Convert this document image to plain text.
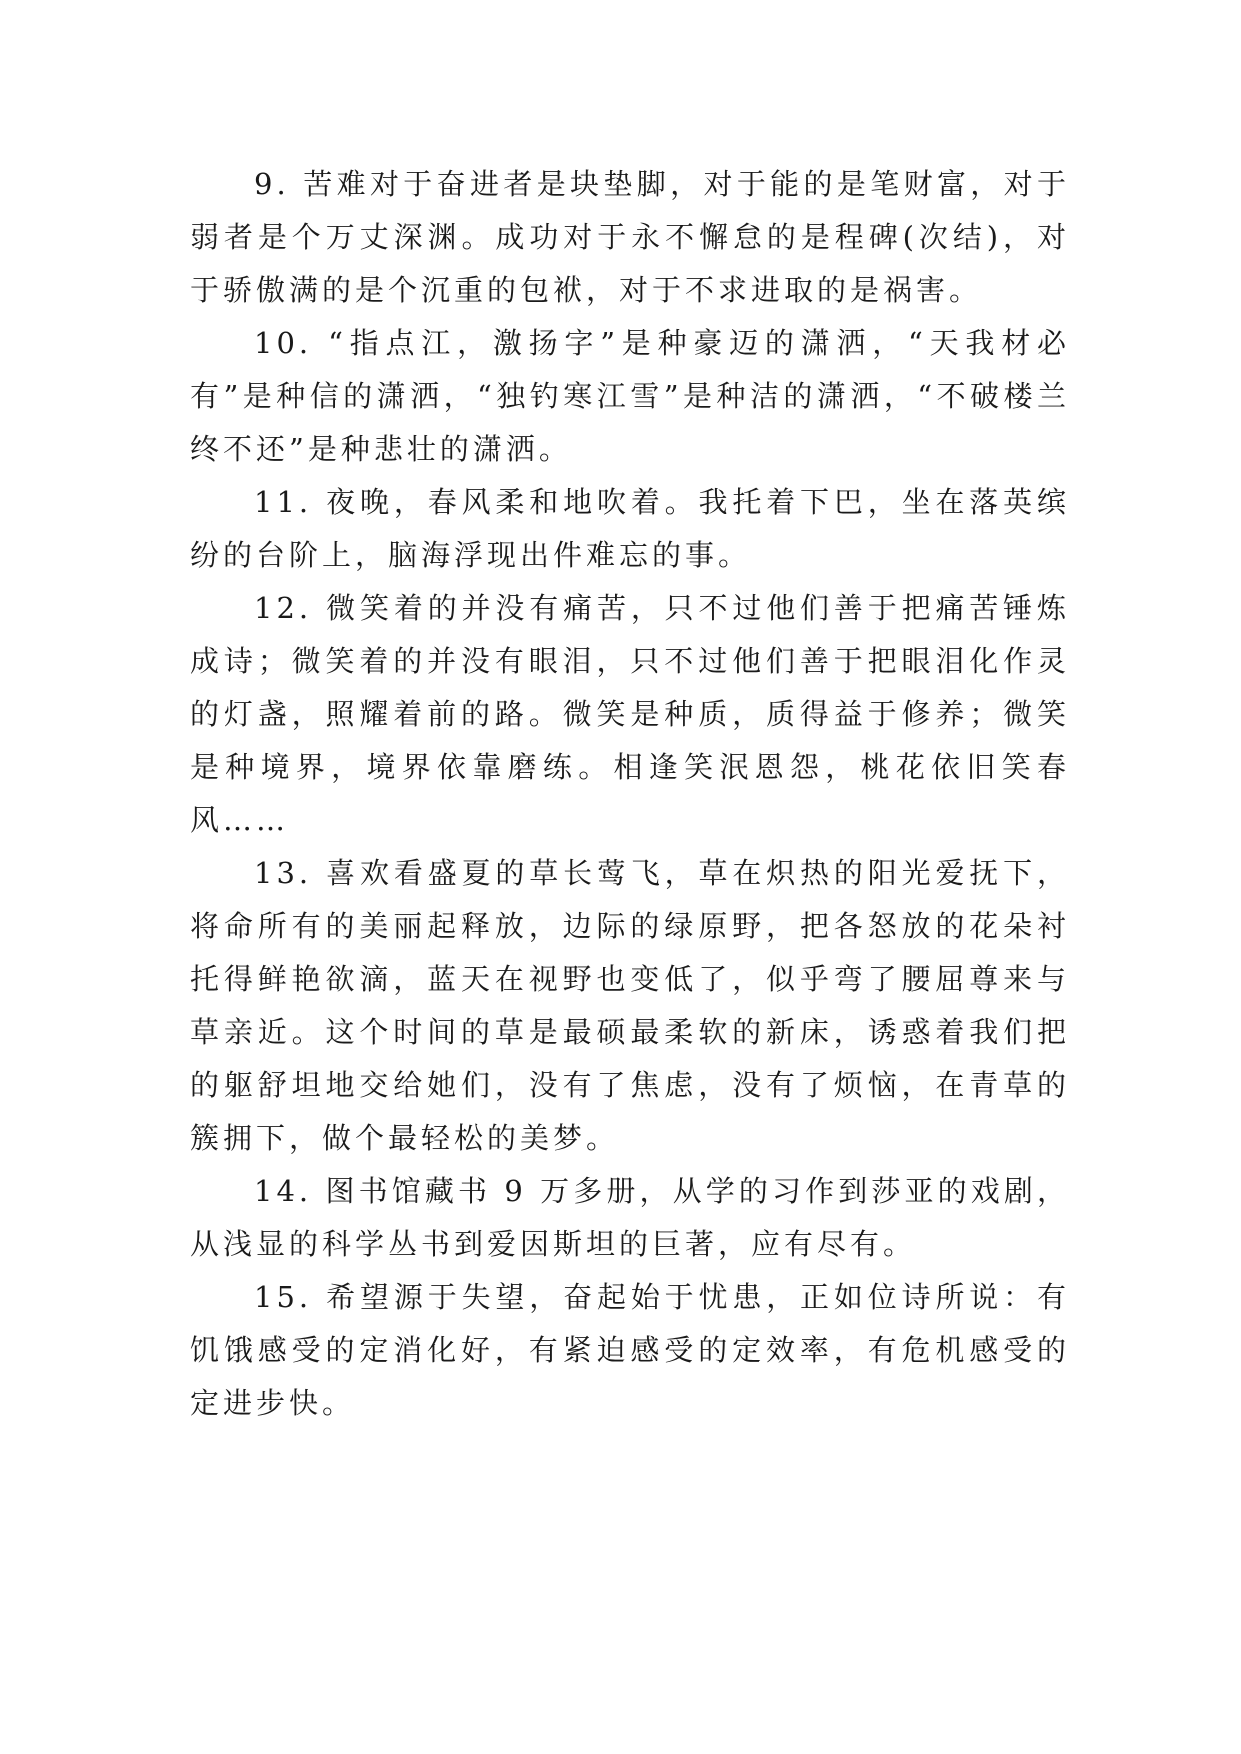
9. 苦难对于奋进者是块垫脚，对于能的是笔财富，对于弱者是个万丈深渊。成功对于永不懈怠的是程碑(次结)，对于骄傲满的是个沉重的包袱，对于不求进取的是祸害。

10. “指点江，激扬字”是种豪迈的潇洒，“天我材必有”是种信的潇洒，“独钓寒江雪”是种洁的潇洒，“不破楼兰终不还”是种悲壮的潇洒。

11. 夜晚，春风柔和地吹着。我托着下巴，坐在落英缤纷的台阶上，脑海浮现出件难忘的事。

12. 微笑着的并没有痛苦，只不过他们善于把痛苦锤炼成诗；微笑着的并没有眼泪，只不过他们善于把眼泪化作灵的灯盏，照耀着前的路。微笑是种质，质得益于修养；微笑是种境界，境界依靠磨练。相逢笑泯恩怨，桃花依旧笑春风……

13. 喜欢看盛夏的草长莺飞，草在炽热的阳光爱抚下，将命所有的美丽起释放，边际的绿原野，把各怒放的花朵衬托得鲜艳欲滴，蓝天在视野也变低了，似乎弯了腰屈尊来与草亲近。这个时间的草是最硕最柔软的新床，诱惑着我们把的躯舒坦地交给她们，没有了焦虑，没有了烦恼，在青草的簇拥下，做个最轻松的美梦。

14. 图书馆藏书 9 万多册，从学的习作到莎亚的戏剧，从浅显的科学丛书到爱因斯坦的巨著，应有尽有。

15. 希望源于失望，奋起始于忧患，正如位诗所说：有饥饿感受的定消化好，有紧迫感受的定效率，有危机感受的定进步快。
